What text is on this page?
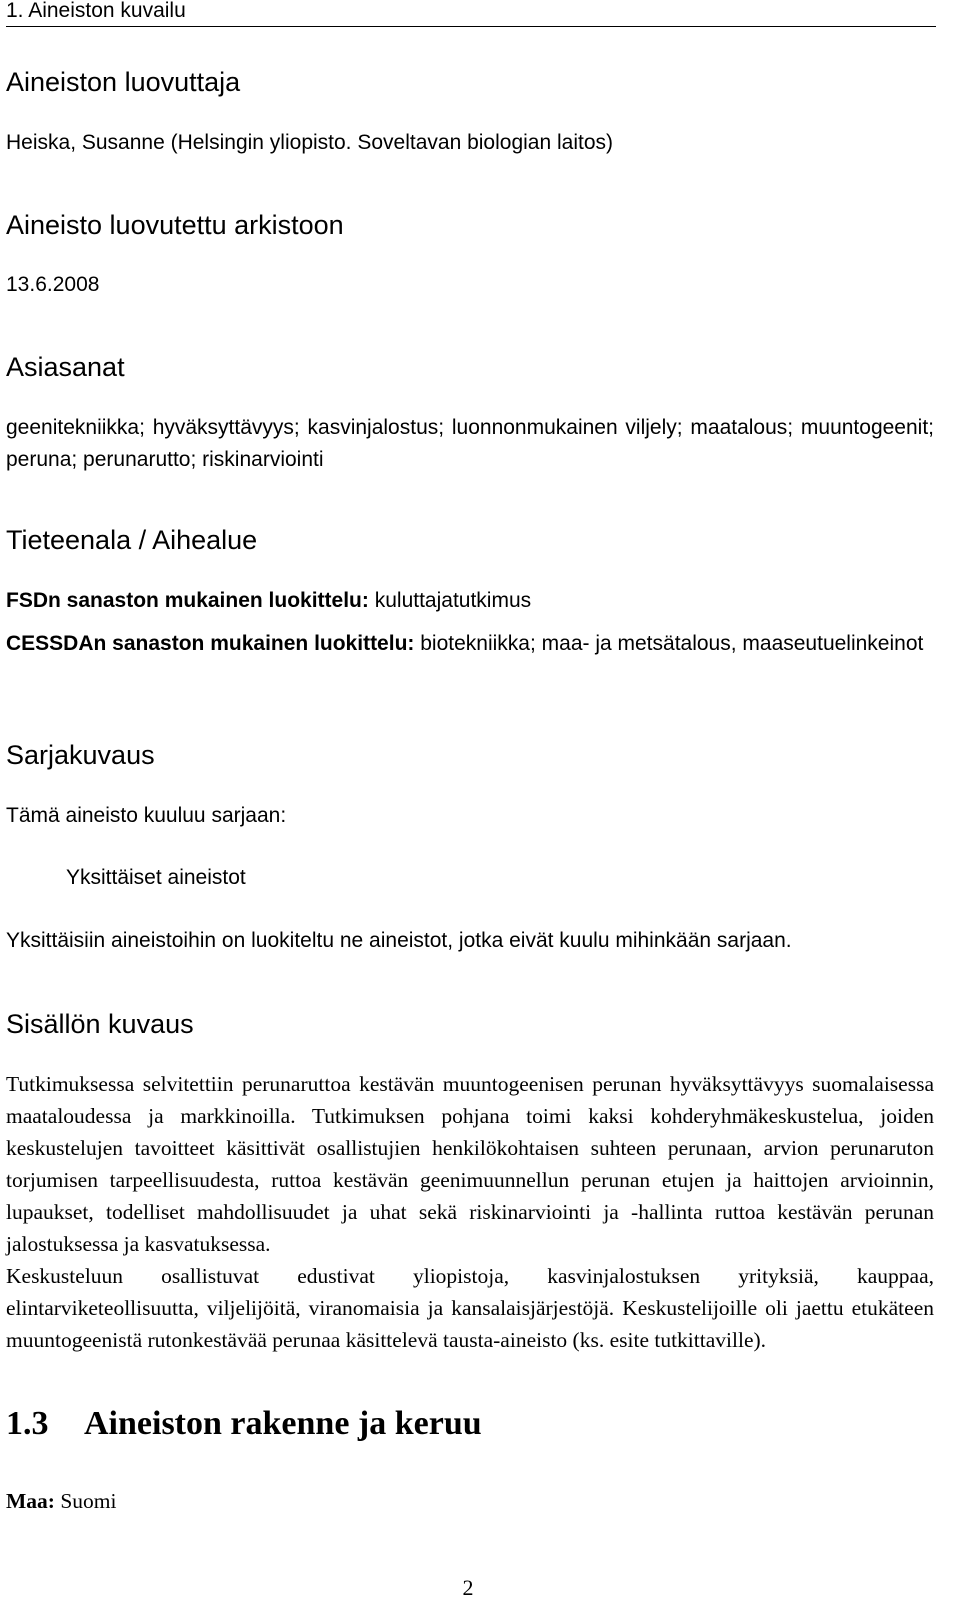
1. Aineiston kuvailu
Aineiston luovuttaja

Heiska, Susanne (Helsingin yliopisto. Soveltavan biologian laitos)

Aineisto luovutettu arkistoon

13.6.2008

Asiasanat

geenitekniikka; hyväksyttävyys; kasvinjalostus; luonnonmukainen viljely; maatalous; muuntogeenit; peruna; perunarutto; riskinarviointi

Tieteenala / Aihealue

FSDn sanaston mukainen luokittelu: kuluttajatutkimus

CESSDAn sanaston mukainen luokittelu: biotekniikka; maa- ja metsätalous, maaseutuelinkeinot

Sarjakuvaus

Tämä aineisto kuuluu sarjaan:

Yksittäiset aineistot

Yksittäisiin aineistoihin on luokiteltu ne aineistot, jotka eivät kuulu mihinkään sarjaan.

Sisällön kuvaus

Tutkimuksessa selvitettiin perunaruttoa kestävän muuntogeenisen perunan hyväksyttävyys suomalaisessa maataloudessa ja markkinoilla. Tutkimuksen pohjana toimi kaksi kohderyhmäkeskustelua, joiden keskustelujen tavoitteet käsittivät osallistujien henkilökohtaisen suhteen perunaan, arvion perunaruton torjumisen tarpeellisuudesta, ruttoa kestävän geenimuunnellun perunan etujen ja haittojen arvioinnin, lupaukset, todelliset mahdollisuudet ja uhat sekä riskinarviointi ja -hallinta ruttoa kestävän perunan jalostuksessa ja kasvatuksessa.

Keskusteluun osallistuvat edustivat yliopistoja, kasvinjalostuksen yrityksiä, kauppaa, elintarviketeollisuutta, viljelijöitä, viranomaisia ja kansalaisjärjestöjä. Keskustelijoille oli jaettu etukäteen muuntogeenistä rutonkestävää perunaa käsittelevä tausta-aineisto (ks. esite tutkittaville).

1.3 Aineiston rakenne ja keruu

Maa: Suomi

2
